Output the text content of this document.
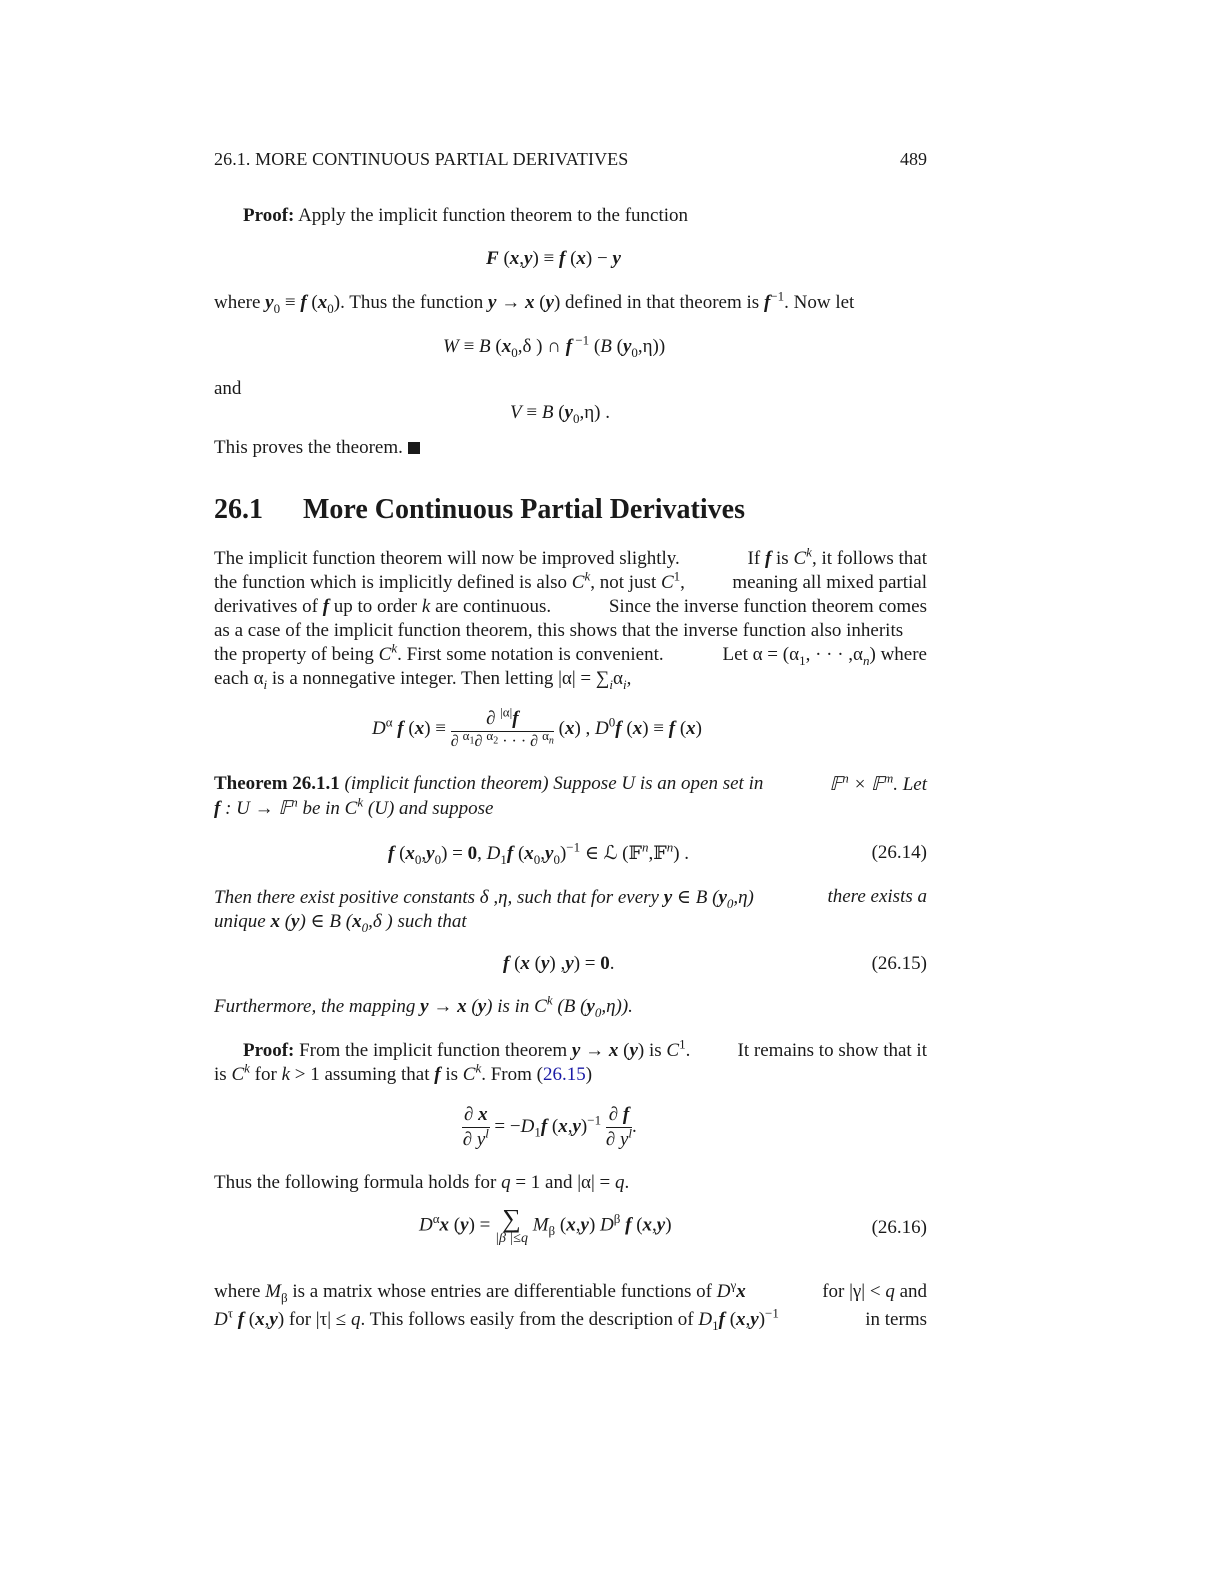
26.1. MORE CONTINUOUS PARTIAL DERIVATIVES	489
Proof: Apply the implicit function theorem to the function
F (x,y) ≡ f (x) − y
where $y_0 \equiv f$ $(x_0)$. Thus the function y → x (y) defined in that theorem is $f^{-1}$. Now let
W ≡ B ($x_0,\delta$ ) ∩ f $^{-1}$ (B $(y_0,\eta)$)
and
V ≡ B $(y_0,\eta)$ .
This proves the theorem.
26.1 More Continuous Partial Derivatives
The implicit function theorem will now be improved slightly.	If f is $C^k$, it follows that
the function which is implicitly defined is also $C^k$, not just $C^1$, meaning all mixed partial
derivatives of f up to order k are continuous.	Since the inverse function theorem comes
as a case of the implicit function theorem, this shows that the inverse function also inherits
the property of being $C^k$. First some notation is convenient.	Let $\alpha = (\alpha_1$, · · · $,\alpha_n$) where
each $\alpha_i$ is a nonnegative integer. Then letting $|\alpha| = \sum_i\alpha_i$,
$D^\alpha$ f $(x) \equiv \frac{\partial ^{|\alpha|}f}{\partial ^{\alpha_1}\partial ^{\alpha_2} \cdot \cdot \cdot \partial ^{\alpha_n}} (x)$ , $D^0f$ (x) ≡ f (x)
Theorem 26.1.1 (implicit function theorem) Suppose U is an open set in	𝔽$^n$ × 𝔽$^m$. Let
f : U → 𝔽$^n$ be in $C^k$ (U) and suppose
f $(x_0,y_0) = 0$, $D_1f$ $(x_0,y_0)^{-1}$ ∈ ℒ (𝔽$^n$,𝔽$^n$) .	(26.14)
Then there exist positive constants δ ,η, such that for every y ∈ B $(y_0,\eta)$	there exists a
unique x (y) ∈ B ($x_0,\delta$ ) such that
f (x (y) ,y) = 0.	(26.15)
Furthermore, the mapping y → x (y) is in $C^k$ (B $(y_0,\eta)$).
Proof: From the implicit function theorem y → x (y) is $C^1$. It remains to show that it
is $C^k$ for k > 1 assuming that f is $C^k$. From (26.15)
$\frac{\partial x}{\partial y^l} = -D_1f$ $(x,y)^{-1} \frac{\partial f}{\partial y^l}$ .
Thus the following formula holds for q = 1 and |α| = q.
$D^\alpha x$ (y) = ∑
|β |≤q
$M_\beta$ (x,y) $D^\beta$ f (x,y)	(26.16)
where $M_\beta$ is a matrix whose entries are differentiable functions of $D^\gamma x$	for |γ| < q and
$D^\tau$ f (x,y) for |τ| ≤ q. This follows easily from the description of $D_1f$ $(x,y)^{-1}$	in terms
